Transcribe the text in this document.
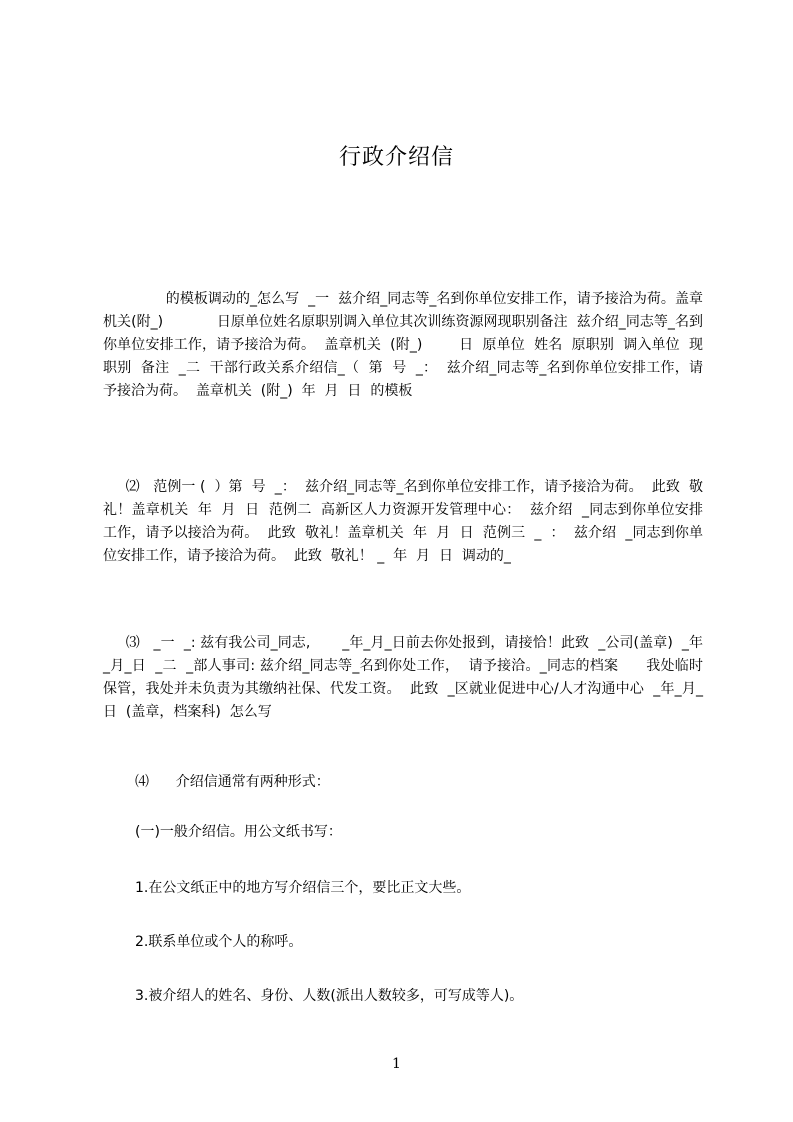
行政介绍信
的模板调动的_怎么写  _一  兹介绍_同志等_名到你单位安排工作，请予接洽为荷。盖章机关(附_)            日原单位姓名原职别调入单位其次训练资源网现职别备注  兹介绍_同志等_名到你单位安排工作，请予接洽为荷。  盖章机关  (附_)        日  原单位  姓名  原职别  调入单位  现职别  备注  _二  干部行政关系介绍信_（  第  号  _：  兹介绍_同志等_名到你单位安排工作，请予接洽为荷。  盖章机关  (附_)  年  月  日  的模板
⑵   范例一 (  ）第  号  _：  兹介绍_同志等_名到你单位安排工作，请予接洽为荷。  此致  敬礼！盖章机关  年  月  日  范例二  高新区人力资源开发管理中心：  兹介绍  _同志到你单位安排工作，请予以接洽为荷。  此致  敬礼！盖章机关  年  月  日  范例三  _  ：  兹介绍  _同志到你单位安排工作，请予接洽为荷。  此致  敬礼！ _  年  月  日  调动的_
⑶   _一  _: 兹有我公司_同志,       _年_月_日前去你处报到，请接恰！此致  _公司(盖章)  _年_月_日  _二  _部人事司: 兹介绍_同志等_名到你处工作，  请予接洽。_同志的档案      我处临时保管，我处并未负责为其缴纳社保、代发工资。  此致  _区就业促进中心/人才沟通中心  _年_月_日  (盖章，档案科)  怎么写
⑷      介绍信通常有两种形式：
(一)一般介绍信。用公文纸书写：
1.在公文纸正中的地方写介绍信三个，要比正文大些。
2.联系单位或个人的称呼。
3.被介绍人的姓名、身份、人数(派出人数较多，可写成等人)。
1
